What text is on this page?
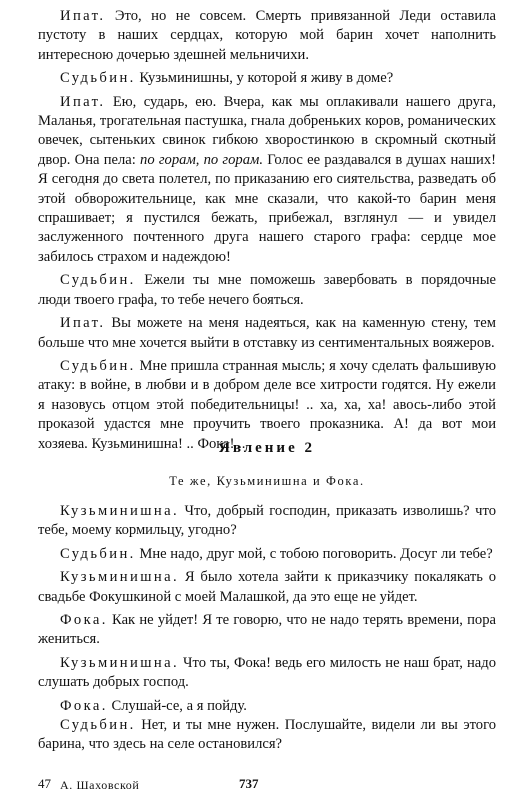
Ипат. Это, но не совсем. Смерть привязанной Леди оставила пустоту в наших сердцах, которую мой барин хочет наполнить интересною дочерью здешней мельничихи.

Судьбин. Кузьминишны, у которой я живу в доме?

Ипат. Ею, сударь, ею. Вчера, как мы оплакивали нашего друга, Маланья, трогательная пастушка, гнала добреньких коров, романических овечек, сытеньких свинок гибкою хворостинкою в скромный скотный двор. Она пела: по горам, по горам. Голос ее раздавался в душах наших! Я сегодня до света полетел, по приказанию его сиятельства, разведать об этой обворожительнице, как мне сказали, что какой-то барин меня спрашивает; я пустился бежать, прибежал, взглянул — и увидел заслуженного почтенного друга нашего старого графа: сердце мое забилось страхом и надеждою!

Судьбин. Ежели ты мне поможешь завербовать в порядочные люди твоего графа, то тебе нечего бояться.

Ипат. Вы можете на меня надеяться, как на каменную стену, тем больше что мне хочется выйти в отставку из сентиментальных вояжеров.

Судьбин. Мне пришла странная мысль; я хочу сделать фальшивую атаку: в войне, в любви и в добром деле все хитрости годятся. Ну ежели я назовусь отцом этой победительницы! .. ха, ха, ха! авось-либо этой проказой удастся мне проучить твоего проказника. А! да вот мои хозяева. Кузьминишна! .. Фока! ..

Явление 2
Те же, Кузьминишна и Фока.

Кузьминишна. Что, добрый господин, приказать изволишь? что тебе, моему кормильцу, угодно?

Судьбин. Мне надо, друг мой, с тобою поговорить. Досуг ли тебе?

Кузьминишна. Я было хотела зайти к приказчику покалякать о свадьбе Фокушкиной с моей Малашкой, да это еще не уйдет.

Фока. Как не уйдет! Я те говорю, что не надо терять времени, пора жениться.

Кузьминишна. Что ты, Фока! ведь его милость не наш брат, надо слушать добрых господ.

Фока. Слушай-се, а я пойду.

Судьбин. Нет, и ты мне нужен. Послушайте, видели ли вы этого барина, что здесь на селе остановился?

47 А. Шаховской	737
